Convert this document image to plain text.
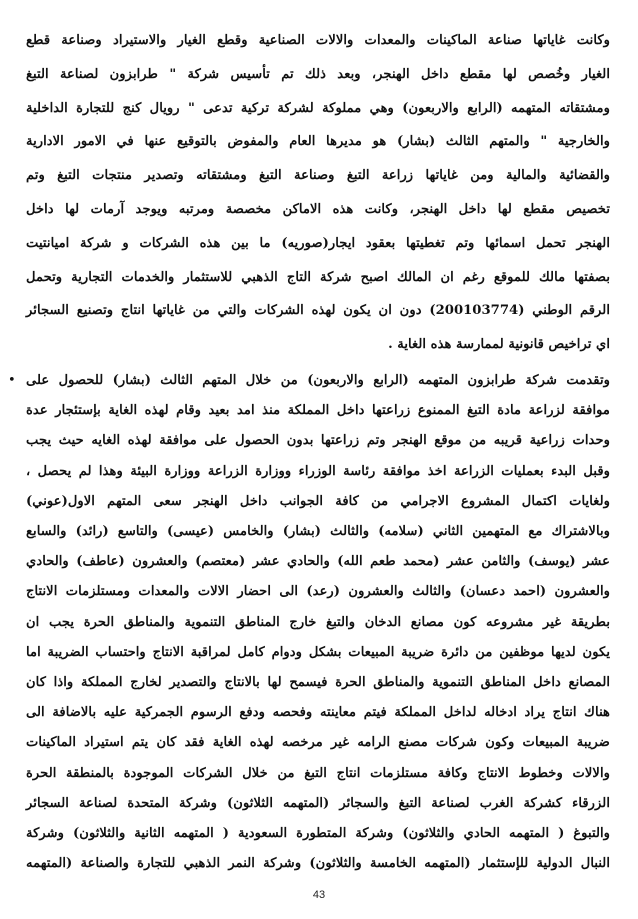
وكانت غاياتها صناعة الماكينات والمعدات والالات الصناعية وقطع الغيار والاستيراد وصناعة قطع
الغيار وخُصص لها مقطع داخل الهنجر، وبعد ذلك تم تأسيس شركة " طرابزون لصناعة التبغ
ومشتقاته المتهمه (الرابع والاربعون) وهي مملوكة لشركة تركية تدعى " رويال كنج للتجارة الداخلية
والخارجية " والمتهم الثالث (بشار) هو مديرها العام والمفوض بالتوقيع عنها في الامور الادارية
والقضائية والمالية ومن غاياتها زراعة التبغ وصناعة التبغ ومشتقاته وتصدير منتجات التبغ وتم
تخصيص مقطع لها داخل الهنجر، وكانت هذه الاماكن مخصصة ومرتبه ويوجد آرمات لها داخل
الهنجر تحمل اسمائها وتم تغطيتها بعقود ايجار(صوريه) ما بين هذه الشركات و شركة اميانتيت
بصفتها مالك للموقع رغم ان المالك اصبح شركة التاج الذهبي للاستثمار والخدمات التجارية وتحمل
الرقم الوطني (200103774) دون ان يكون لهذه الشركات والتي من غاياتها انتاج وتصنيع السجائر
اي تراخيص قانونية لممارسة هذه الغاية .
• وتقدمت شركة طرابزون المتهمه (الرابع والاربعون) من خلال المتهم الثالث (بشار) للحصول على
موافقة لزراعة مادة التبغ الممنوع زراعتها داخل المملكة منذ امد بعيد وقام لهذه الغاية بإستئجار عدة
وحدات زراعية قريبه من موقع الهنجر وتم زراعتها بدون الحصول على موافقة لهذه الغايه حيث يجب
وقبل البدء بعمليات الزراعة اخذ موافقة رئاسة الوزراء ووزارة الزراعة ووزارة البيئة وهذا لم يحصل ،
ولغايات اكتمال المشروع الاجرامي من كافة الجوانب داخل الهنجر سعى المتهم الاول(عوني)
وبالاشتراك مع المتهمين الثاني (سلامه) والثالث (بشار) والخامس (عيسى) والتاسع (رائد) والسابع
عشر (يوسف) والثامن عشر (محمد طعم الله) والحادي عشر (معتصم) والعشرون (عاطف) والحادي
والعشرون (احمد دعسان) والثالث والعشرون (رعد) الى احضار الالات والمعدات ومستلزمات الانتاج
بطريقة غير مشروعه كون مصانع الدخان والتبغ خارج المناطق التنموية والمناطق الحرة يجب ان
يكون لديها موظفين من دائرة ضريبة المبيعات بشكل ودوام كامل لمراقبة الانتاج واحتساب الضريبة اما
المصانع داخل المناطق التنموية والمناطق الحرة فيسمح لها بالانتاج والتصدير لخارج المملكة واذا كان
هناك انتاج يراد ادخاله لداخل المملكة فيتم معاينته وفحصه ودفع الرسوم الجمركية عليه بالاضافة الى
ضريبة المبيعات وكون شركات مصنع الرامه غير مرخصه لهذه الغاية فقد كان يتم استيراد الماكينات
والالات وخطوط الانتاج وكافة مستلزمات انتاج التبغ من خلال الشركات الموجودة بالمنطقة الحرة
الزرقاء كشركة الغرب لصناعة التبغ والسجائر (المتهمه الثلاثون) وشركة المتحدة لصناعة السجائر
43
والتبوغ ( المتهمه الحادي والثلاثون) وشركة المتطورة السعودية ( المتهمه الثانية والثلاثون) وشركة
النبال الدولية للإستثمار (المتهمه الخامسة والثلاثون) وشركة النمر الذهبي للتجارة والصناعة (المتهمه
